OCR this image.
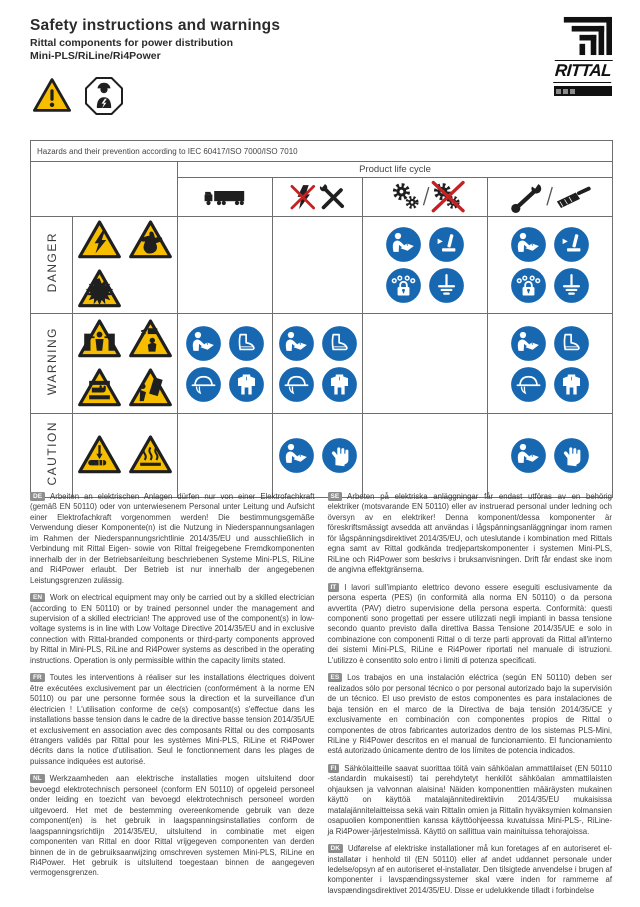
Safety instructions and warnings
Rittal components for power distribution
Mini-PLS/RiLine/Ri4Power
RITTAL
Hazards and their prevention according to IEC 60417/ISO 7000/ISO 7010					
		Product life cycle			

DANGER	

WARNING	

CAUTION	

DE Arbeiten an elektrischen Anlagen dürfen nur von einer Elektrofachkraft (gemäß EN 50110) oder von unterwiesenem Personal unter Leitung und Aufsicht einer Elektrofachkraft vorgenommen werden! Die bestimmungsgemäße Verwendung dieser Komponente(n) ist die Nutzung in Niederspannungsanlagen im Rahmen der Niederspannungsrichtlinie 2014/35/EU und ausschließlich in Verbindung mit Rittal Eigen- sowie von Rittal freigegebene Fremdkomponenten innerhalb der in der Betriebsanleitung beschriebenen Systeme Mini-PLS, RiLine and Ri4Power erlaubt. Der Betrieb ist nur innerhalb der angegebenen Leistungsgrenzen zulässig.

EN Work on electrical equipment may only be carried out by a skilled electrician (according to EN 50110) or by trained personnel under the management and supervision of a skilled electrician! The approved use of the component(s) in low-voltage systems is in line with Low Voltage Directive 2014/35/EU and in exclusive connection with Rittal-branded components or third-party components approved by Rittal in Mini-PLS, RiLine and Ri4Power systems as described in the operating instructions. Operation is only permissible within the capacity limits stated.

FR Toutes les interventions à réaliser sur les installations électriques doivent être exécutées exclusivement par un électricien (conformément à la norme EN 50110) ou par une personne formée sous la direction et la surveillance d'un électricien ! L'utilisation conforme de ce(s) composant(s) s'effectue dans les installations basse tension dans le cadre de la directive basse tension 2014/35/UE et exclusivement en association avec des composants Rittal ou des composants étrangers validés par Rittal pour les systèmes Mini-PLS, RiLine et Ri4Power décrits dans la notice d'utilisation. Seul le fonctionnement dans les plages de puissance indiquées est autorisé.

NL Werkzaamheden aan elektrische installaties mogen uitsluitend door bevoegd elektrotechnisch personeel (conform EN 50110) of opgeleid personeel onder leiding en toezicht van bevoegd elektrotechnisch personeel worden uitgevoerd. Het met de bestemming overeenkomende gebruik van deze component(en) is het gebruik in laagspanningsinstallaties conform de laagspanningsrichtlijn 2014/35/EU, uitsluitend in combinatie met eigen componenten van Rittal en door Rittal vrijgegeven componenten van derden binnen de in de gebruiksaanwijzing omschreven systemen Mini-PLS, RiLine en Ri4Power. Het gebruik is uitsluitend toegestaan binnen de aangegeven vermogensgrenzen.

SE Arbeten på elektriska anläggningar får endast utföras av en behörig elektriker (motsvarande EN 50110) eller av instruerad personal under ledning och översyn av en elektriker! Denna komponent/dessa komponenter är föreskriftsmässigt avsedda att användas i lågspänningsanläggningar inom ramen för lågspänningsdirektivet 2014/35/EU, och uteslutande i kombination med Rittals egna samt av Rittal godkända tredjepartskomponenter i systemen Mini-PLS, RiLine och Ri4Power som beskrivs i bruksanvisningen. Drift får endast ske inom de angivna effektgränserna.

IT I lavori sull'impianto elettrico devono essere eseguiti esclusivamente da persona esperta (PES) (in conformità alla norma EN 50110) o da persona avvertita (PAV) dietro supervisione della persona esperta. Conformità: questi componenti sono progettati per essere utilizzati negli impianti in bassa tensione secondo quanto previsto dalla direttiva Bassa Tensione 2014/35/UE e solo in combinazione con componenti Rittal o di terze parti approvati da Rittal all'interno dei sistemi Mini-PLS, RiLine e Ri4Power riportati nel manuale di istruzioni. L'utilizzo è consentito solo entro i limiti di potenza specificati.

ES Los trabajos en una instalación eléctrica (según EN 50110) deben ser realizados sólo por personal técnico o por personal autorizado bajo la supervisión de un técnico. El uso previsto de estos componentes es para instalaciones de baja tensión en el marco de la Directiva de baja tensión 2014/35/CE y exclusivamente en combinación con componentes propios de Rittal o componentes de otros fabricantes autorizados dentro de los sistemas PLS-Mini, RiLine y Ri4Power descritos en el manual de funcionamiento. El funcionamiento está autorizado únicamente dentro de los límites de potencia indicados.

FI Sähkölaitteille saavat suorittaa töitä vain sähköalan ammattilaiset (EN 50110 -standardin mukaisesti) tai perehdytetyt henkilöt sähköalan ammattilaisten ohjauksen ja valvonnan alaisina! Näiden komponenttien määräysten mukainen käyttö on käyttöä matalajännitedirektiivin 2014/35/EU mukaisissa matalajännitelaitteissa sekä vain Rittalin omien ja Rittalin hyväksymien kolmansien osapuolien komponenttien kanssa käyttöohjeessa kuvatuissa Mini-PLS-, RiLine- ja Ri4Power-järjestelmissä. Käyttö on sallittua vain mainituissa tehorajoissa.

DK Udførelse af elektriske installationer må kun foretages af en autoriseret el-installatør i henhold til (EN 50110) eller af andet uddannet personale under ledelse/opsyn af en autoriseret el-installatør. Den tilsigtede anvendelse i brugen af komponenter i lavspændingssystemer skal være inden for rammerne af lavspændingsdirektivet 2014/35/EU. Disse er udelukkende tilladt i forbindelse
